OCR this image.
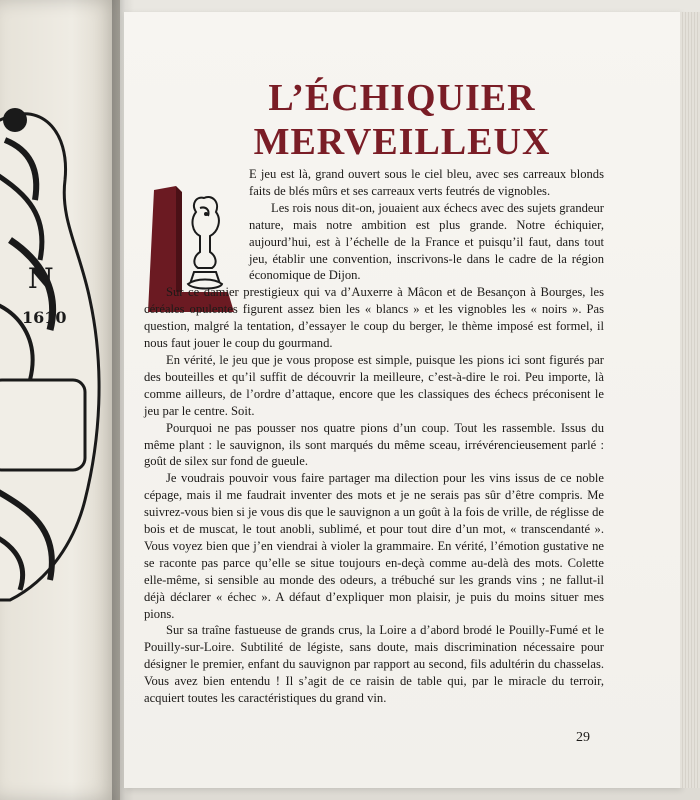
N
1610
L’ÉCHIQUIER
MERVEILLEUX

E jeu est là, grand ouvert sous le ciel bleu, avec ses carreaux blonds faits de blés mûrs et ses carreaux verts feutrés de vignobles.

Les rois nous dit-on, jouaient aux échecs avec des sujets grandeur nature, mais notre ambition est plus grande. Notre échiquier, aujourd’hui, est à l’échelle de la France et puisqu’il faut, dans tout jeu, établir une convention, inscrivons-le dans le cadre de la région économique de Dijon.

Sur ce damier prestigieux qui va d’Auxerre à Mâcon et de Besançon à Bourges, les céréales opulentes figurent assez bien les « blancs » et les vignobles les « noirs ». Pas question, malgré la tentation, d’essayer le coup du berger, le thème imposé est formel, il nous faut jouer le coup du gourmand.

En vérité, le jeu que je vous propose est simple, puisque les pions ici sont figurés par des bouteilles et qu’il suffit de découvrir la meilleure, c’est-à-dire le roi. Peu importe, là comme ailleurs, de l’ordre d’attaque, encore que les classiques des échecs préconisent le jeu par le centre. Soit.

Pourquoi ne pas pousser nos quatre pions d’un coup. Tout les rassemble. Issus du même plant : le sauvignon, ils sont marqués du même sceau, irrévérencieusement parlé : goût de silex sur fond de gueule.

Je voudrais pouvoir vous faire partager ma dilection pour les vins issus de ce noble cépage, mais il me faudrait inventer des mots et je ne serais pas sûr d’être compris. Me suivrez-vous bien si je vous dis que le sauvignon a un goût à la fois de vrille, de réglisse de bois et de muscat, le tout anobli, sublimé, et pour tout dire d’un mot, « transcendanté ». Vous voyez bien que j’en viendrai à violer la grammaire. En vérité, l’émotion gustative ne se raconte pas parce qu’elle se situe toujours en-deçà comme au-delà des mots. Colette elle-même, si sensible au monde des odeurs, a trébuché sur les grands vins ; ne fallut-il déjà déclarer « échec ». A défaut d’expliquer mon plaisir, je puis du moins situer mes pions.

Sur sa traîne fastueuse de grands crus, la Loire a d’abord brodé le Pouilly-Fumé et le Pouilly-sur-Loire. Subtilité de légiste, sans doute, mais discrimination nécessaire pour désigner le premier, enfant du sauvignon par rapport au second, fils adultérin du chasselas. Vous avez bien entendu ! Il s’agit de ce raisin de table qui, par le miracle du terroir, acquiert toutes les caractéristiques du grand vin.

29
